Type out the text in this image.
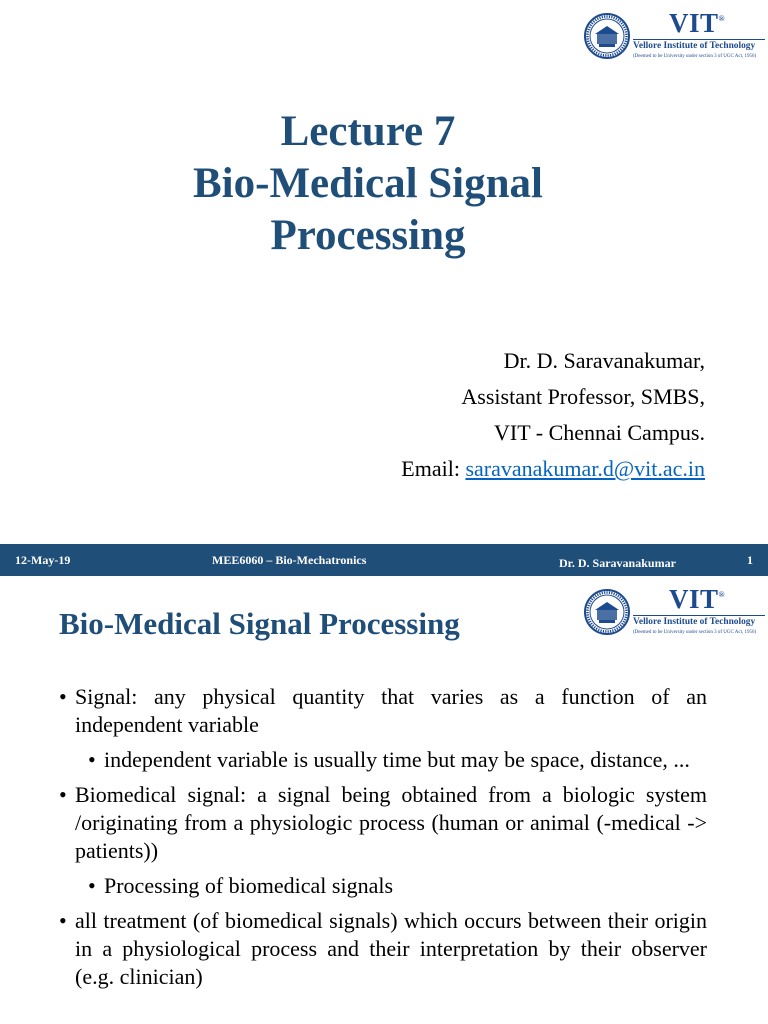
VIT®
Vellore Institute of Technology
(Deemed to be University under section 3 of UGC Act, 1956)
Lecture 7
Bio-Medical Signal
Processing
Dr. D. Saravanakumar,
Assistant Professor, SMBS,
VIT - Chennai Campus.
Email: saravanakumar.d@vit.ac.in
12-May-19	MEE6060 – Bio-Mechatronics	Dr. D. Saravanakumar	1
VIT®
Vellore Institute of Technology
(Deemed to be University under section 3 of UGC Act, 1956)
Bio-Medical Signal Processing
• Signal: any physical quantity that varies as a function of an independent variable
• independent variable is usually time but may be space, distance, ...
• Biomedical signal: a signal being obtained from a biologic system /originating from a physiologic process (human or animal (-medical -> patients))
• Processing of biomedical signals
• all treatment (of biomedical signals) which occurs between their origin in a physiological process and their interpretation by their observer (e.g. clinician)
